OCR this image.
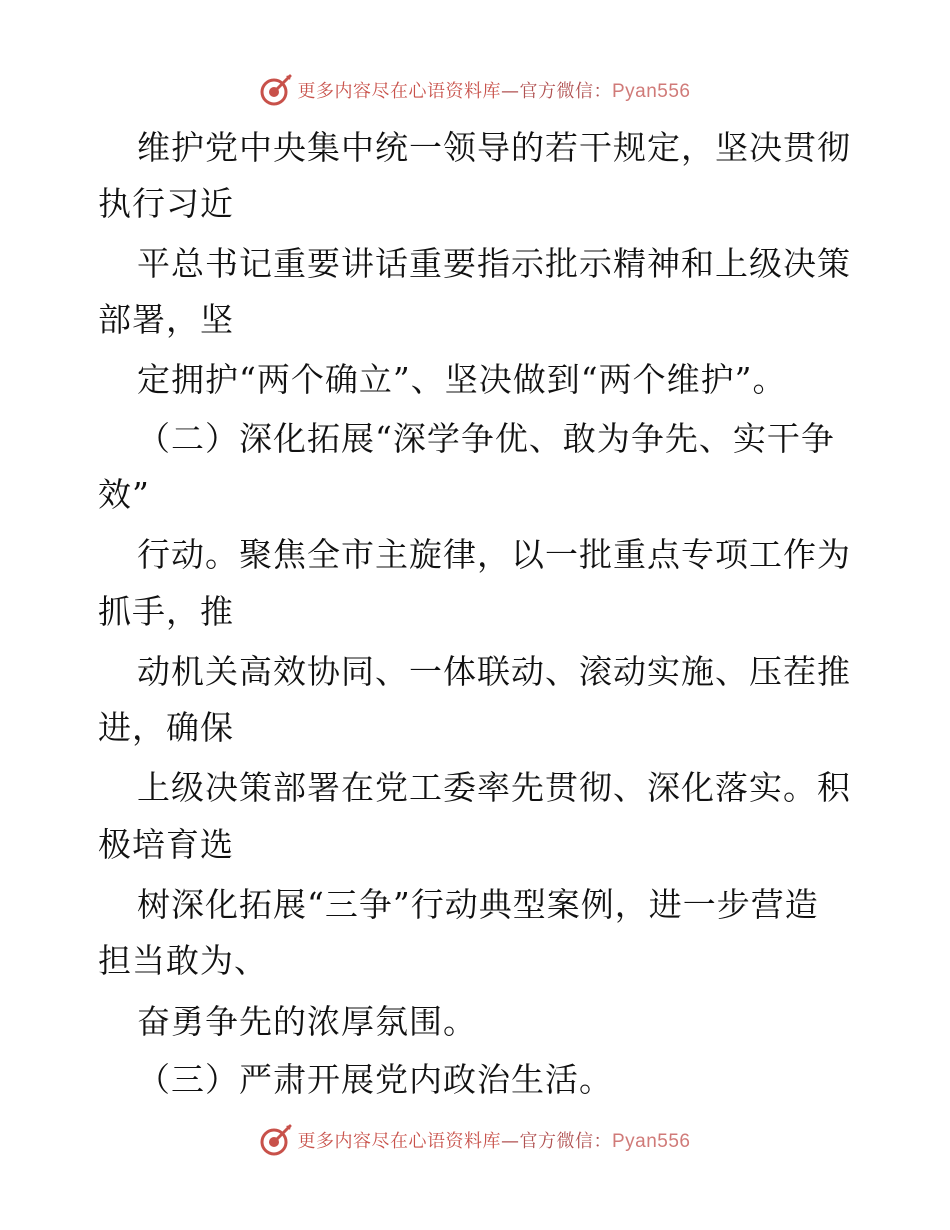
更多内容尽在心语资料库—官方微信：Pyan556
维护党中央集中统一领导的若干规定，坚决贯彻
执行习近
平总书记重要讲话重要指示批示精神和上级决策
部署，坚
定拥护“两个确立”、坚决做到“两个维护”。
（二）深化拓展“深学争优、敢为争先、实干争
效”
行动。聚焦全市主旋律，以一批重点专项工作为
抓手，推
动机关高效协同、一体联动、滚动实施、压茬推
进，确保
上级决策部署在党工委率先贯彻、深化落实。积
极培育选
树深化拓展“三争”行动典型案例，进一步营造
担当敢为、
奋勇争先的浓厚氛围。
（三）严肃开展党内政治生活。
更多内容尽在心语资料库—官方微信：Pyan556
